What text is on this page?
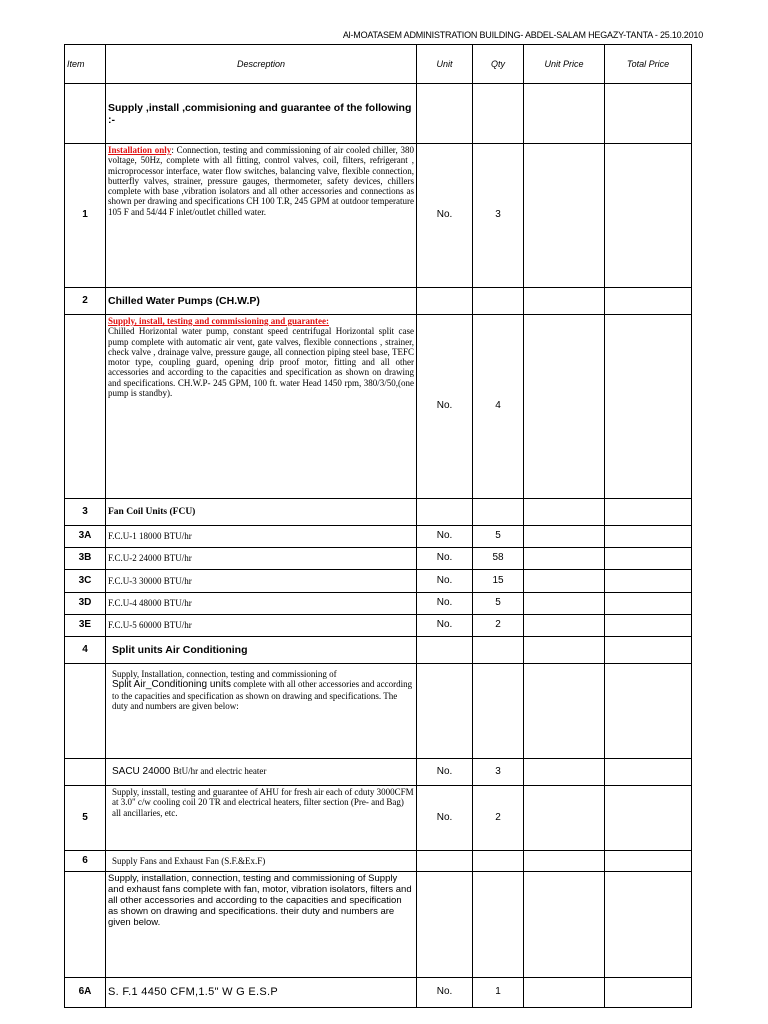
Al-MOATASEM ADMINISTRATION BUILDING- ABDEL-SALAM HEGAZY-TANTA - 25.10.2010
Item	Descreption	Unit	Qty	Unit Price	Total Price
	Supply ,install ,commisioning and guarantee of the following :-				
1	Installation only: Connection, testing and commissioning of air cooled chiller, 380 voltage, 50Hz, complete with all fitting, control valves, coil, filters, refrigerant , microprocessor interface, water flow switches, balancing valve, flexible connection, butterfly valves, strainer, pressure gauges, thermometer, safety devices, chillers complete with base ,vibration isolators and all other accessories and connections as shown per drawing and specifications CH 100 T.R, 245 GPM at outdoor temperature 105 F and 54/44 F inlet/outlet chilled water.	No.	3		
2	Chilled Water Pumps (CH.W.P)				

	Supply, install, testing and commissioning and guarantee:
Chilled Horizontal water pump, constant speed centrifugal Horizontal split case pump complete with automatic air vent, gate valves, flexible connections , strainer, check valve , drainage valve, pressure gauge, all connection piping steel base, TEFC motor type, coupling guard, opening drip proof motor, fitting and all other accessories and according to the capacities and specification as shown on drawing and specifications. CH.W.P- 245 GPM, 100 ft. water Head 1450 rpm, 380/3/50,(one pump is standby).	No.	4		
3	Fan Coil Units (FCU)				
3A	F.C.U-1 18000 BTU/hr	No.	5		
3B	F.C.U-2 24000 BTU/hr	No.	58		
3C	F.C.U-3 30000 BTU/hr	No.	15		
3D	F.C.U-4 48000 BTU/hr	No.	5		
3E	F.C.U-5 60000 BTU/hr	No.	2		
4	Split units Air Conditioning				
	Supply, Installation, connection, testing and commissioning of
Split Air_Conditioning units complete with all other accessories and according to the capacities and specification as shown on drawing and specifications. The duty and numbers are given below:				
	SACU 24000 BtU/hr and electric heater	No.	3		
5	Supply, insstall, testing and guarantee of AHU for fresh air each of cduty 3000CFM at 3.0" c/w cooling coil 20 TR and electrical heaters, filter section (Pre- and Bag) all ancillaries, etc.	No.	2		
6	Supply Fans and Exhaust Fan (S.F.&Ex.F)				
	Supply, installation, connection, testing and commissioning of Supply and exhaust fans complete with fan, motor, vibration isolators, filters and all other accessories and according to the capacities and specification as shown on drawing and specifications. their duty and numbers are given below.				
6A	S. F.1 4450 CFM,1.5" W G E.S.P	No.	1		
